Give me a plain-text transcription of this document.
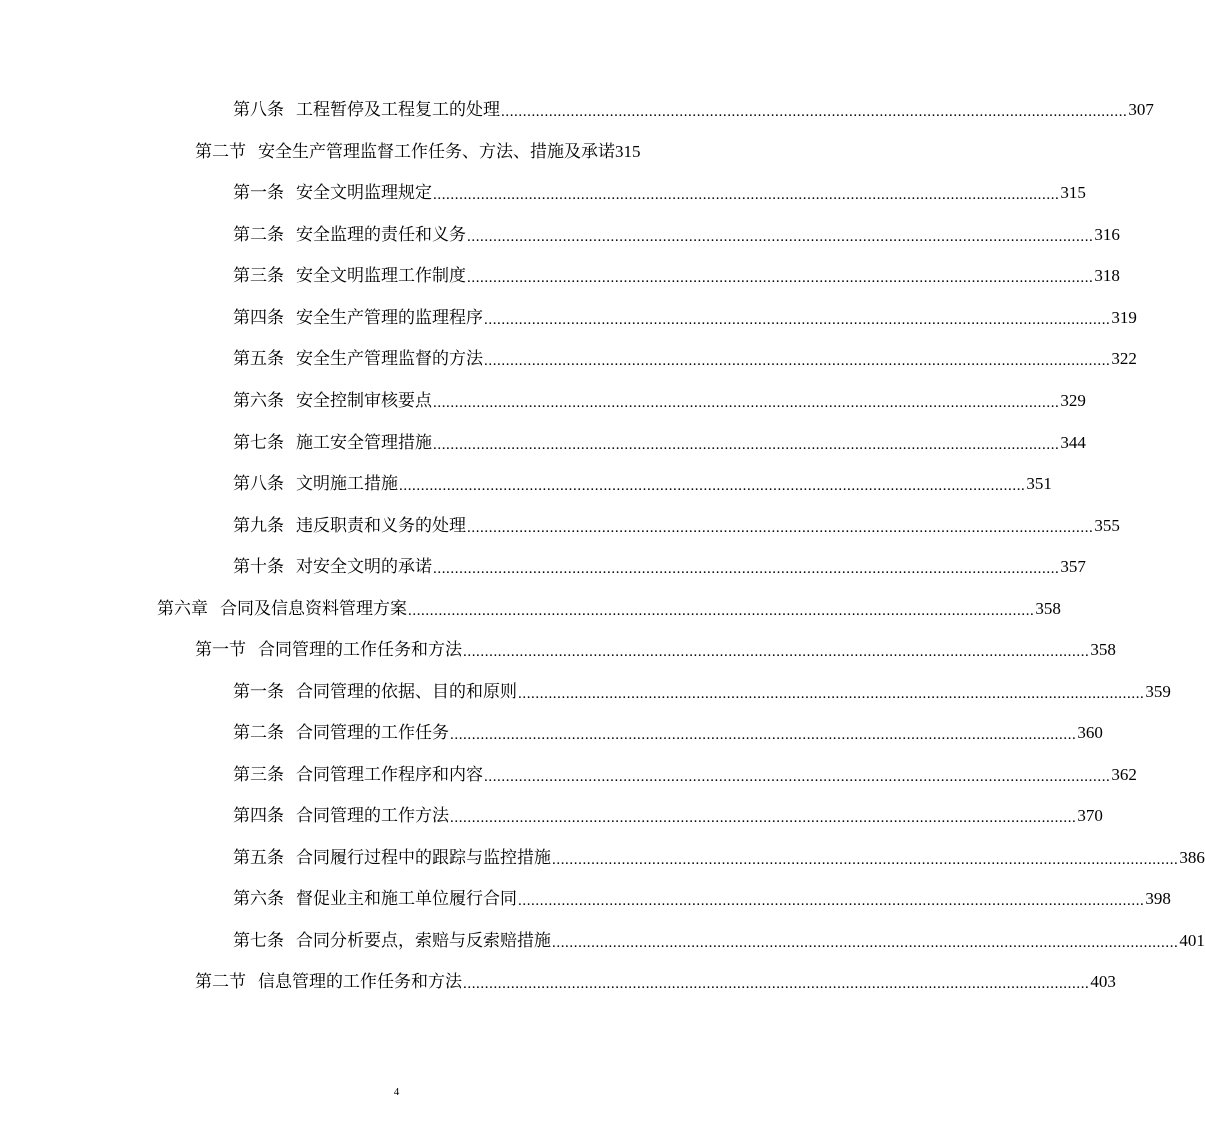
第八条 工程暂停及工程复工的处理 ................................................................................................................................................ 307
第二节 安全生产管理监督工作任务、方法、措施及承诺 315
第一条 安全文明监理规定 ................................................................................................................................................ 315
第二条 安全监理的责任和义务 ................................................................................................................................................ 316
第三条 安全文明监理工作制度 ................................................................................................................................................ 318
第四条 安全生产管理的监理程序 ................................................................................................................................................ 319
第五条 安全生产管理监督的方法 ................................................................................................................................................ 322
第六条 安全控制审核要点 ................................................................................................................................................ 329
第七条 施工安全管理措施 ................................................................................................................................................ 344
第八条 文明施工措施 ................................................................................................................................................ 351
第九条 违反职责和义务的处理 ................................................................................................................................................ 355
第十条 对安全文明的承诺 ................................................................................................................................................ 357
第六章 合同及信息资料管理方案 ................................................................................................................................................ 358
第一节 合同管理的工作任务和方法 ................................................................................................................................................ 358
第一条 合同管理的依据、目的和原则 ................................................................................................................................................ 359
第二条 合同管理的工作任务 ................................................................................................................................................ 360
第三条 合同管理工作程序和内容 ................................................................................................................................................ 362
第四条 合同管理的工作方法 ................................................................................................................................................ 370
第五条 合同履行过程中的跟踪与监控措施 ................................................................................................................................................ 386
第六条 督促业主和施工单位履行合同 ................................................................................................................................................ 398
第七条 合同分析要点，索赔与反索赔措施 ................................................................................................................................................ 401
第二节 信息管理的工作任务和方法 ................................................................................................................................................ 403
4
